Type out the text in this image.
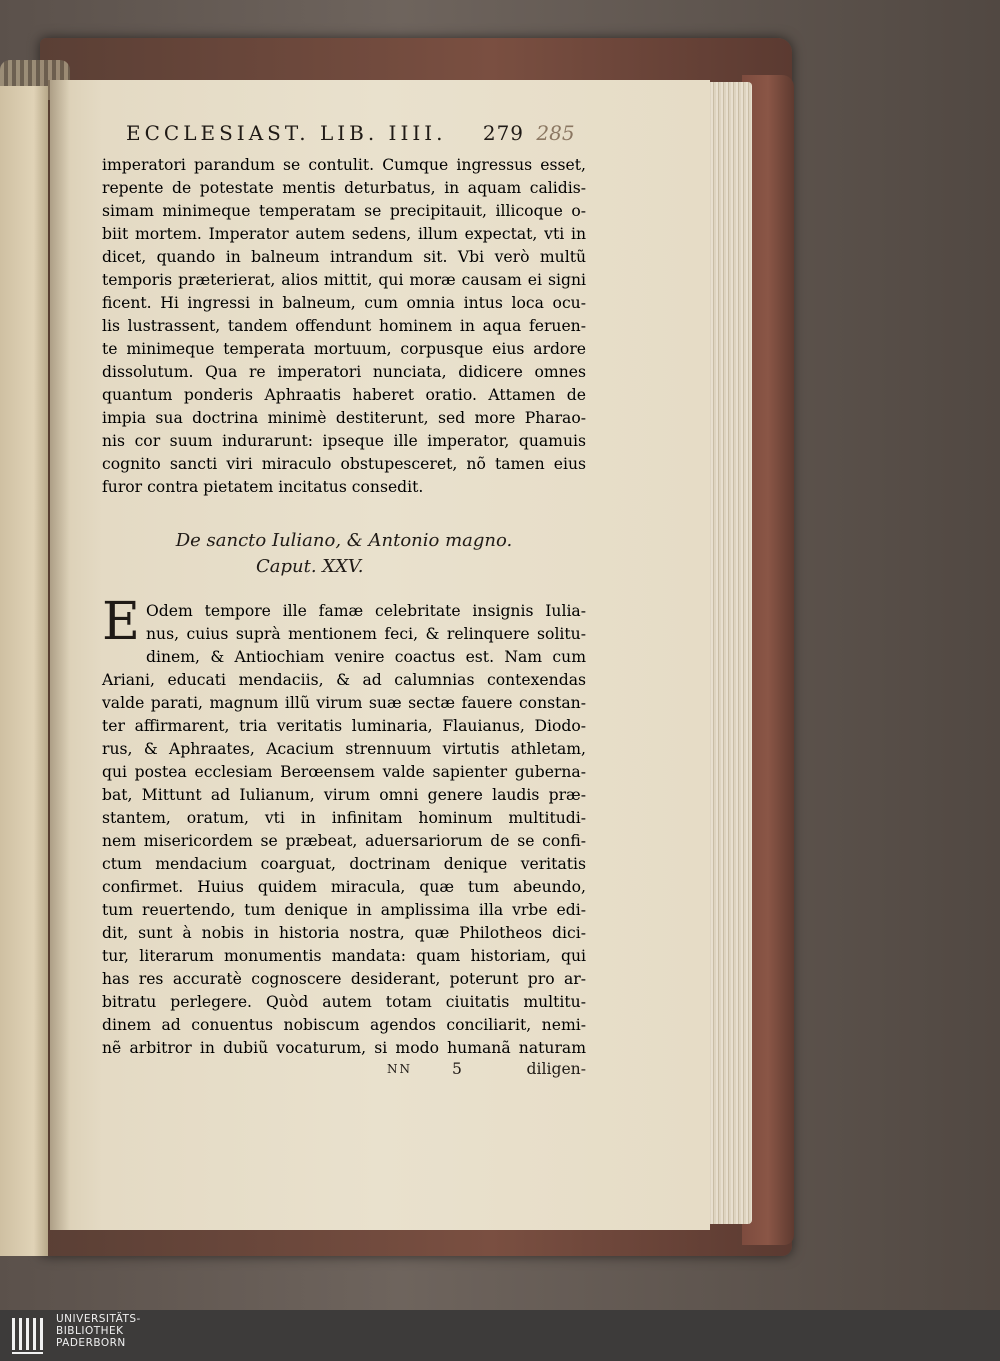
ECCLESIAST. LIB. IIII. 279 285
imperatori parandum se contulit. Cumque ingressus esset,
repente de potestate mentis deturbatus, in aquam calidis-
simam minimeque temperatam se precipitauit, illicoque o-
biit mortem. Imperator autem sedens, illum expectat, vti in
dicet, quando in balneum intrandum sit. Vbi verò multũ
temporis præterierat, alios mittit, qui moræ causam ei signi
ficent. Hi ingressi in balneum, cum omnia intus loca ocu-
lis lustrassent, tandem offendunt hominem in aqua feruen-
te minimeque temperata mortuum, corpusque eius ardore
dissolutum. Qua re imperatori nunciata, didicere omnes
quantum ponderis Aphraatis haberet oratio. Attamen de
impia sua doctrina minimè destiterunt, sed more Pharao-
nis cor suum indurarunt: ipseque ille imperator, quamuis
cognito sancti viri miraculo obstupesceret, nõ tamen eius
furor contra pietatem incitatus consedit.
De sancto Iuliano, & Antonio magno.
Caput. XXV.
E Odem tempore ille famæ celebritate insignis Iulia-
nus, cuius suprà mentionem feci, & relinquere solitu-
dinem, & Antiochiam venire coactus est. Nam cum
Ariani, educati mendaciis, & ad calumnias contexendas
valde parati, magnum illũ virum suæ sectæ fauere constan-
ter affirmarent, tria veritatis luminaria, Flauianus, Diodo-
rus, & Aphraates, Acacium strennuum virtutis athletam,
qui postea ecclesiam Berœensem valde sapienter guberna-
bat, Mittunt ad Iulianum, virum omni genere laudis præ-
stantem, oratum, vti in infinitam hominum multitudi-
nem misericordem se præbeat, aduersariorum de se confi-
ctum mendacium coarguat, doctrinam denique veritatis
confirmet. Huius quidem miracula, quæ tum abeundo,
tum reuertendo, tum denique in amplissima illa vrbe edi-
dit, sunt à nobis in historia nostra, quæ Philotheos dici-
tur, literarum monumentis mandata: quam historiam, qui
has res accuratè cognoscere desiderant, poterunt pro ar-
bitratu perlegere. Quòd autem totam ciuitatis multitu-
dinem ad conuentus nobiscum agendos conciliarit, nemi-
nẽ arbitror in dubiũ vocaturum, si modo humanã naturam
NN	5	diligen-
UNIVERSITÄTS-
BIBLIOTHEK
PADERBORN
